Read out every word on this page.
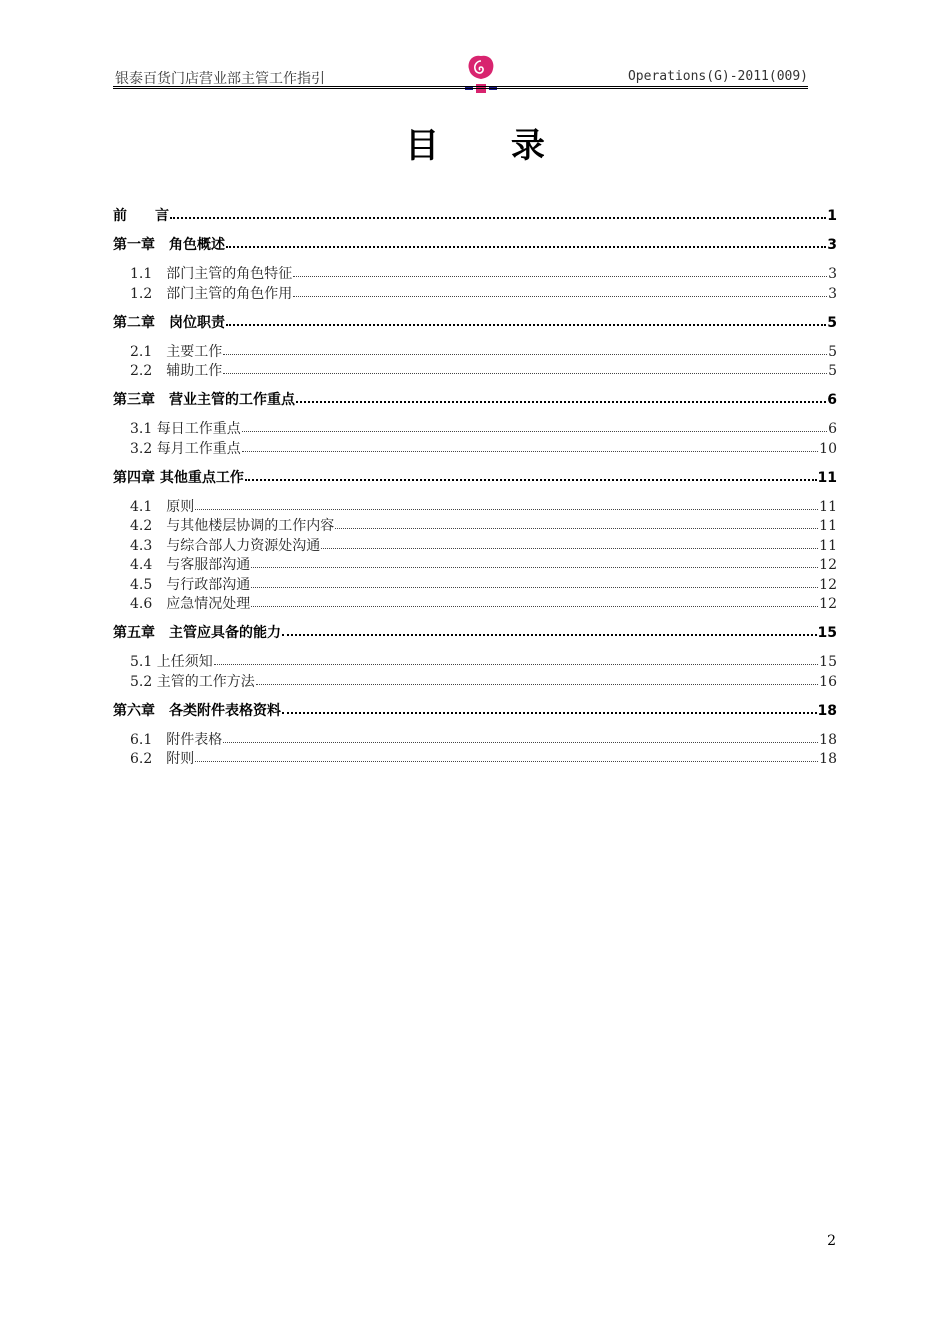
银泰百货门店营业部主管工作指引	Operations(G)-2011(009)
目 录
前　　言	1
第一章　角色概述	3
1.1　部门主管的角色特征	3
1.2　部门主管的角色作用	3
第二章　岗位职责	5
2.1　主要工作	5
2.2　辅助工作	5
第三章　营业主管的工作重点	6
3.1 每日工作重点	6
3.2 每月工作重点	10
第四章 其他重点工作	11
4.1　原则	11
4.2　与其他楼层协调的工作内容	11
4.3　与综合部人力资源处沟通	11
4.4　与客服部沟通	12
4.5　与行政部沟通	12
4.6　应急情况处理	12
第五章　主管应具备的能力	15
5.1 上任须知	15
5.2 主管的工作方法	16
第六章　各类附件表格资料	18
6.1　附件表格	18
6.2　附则	18
2
